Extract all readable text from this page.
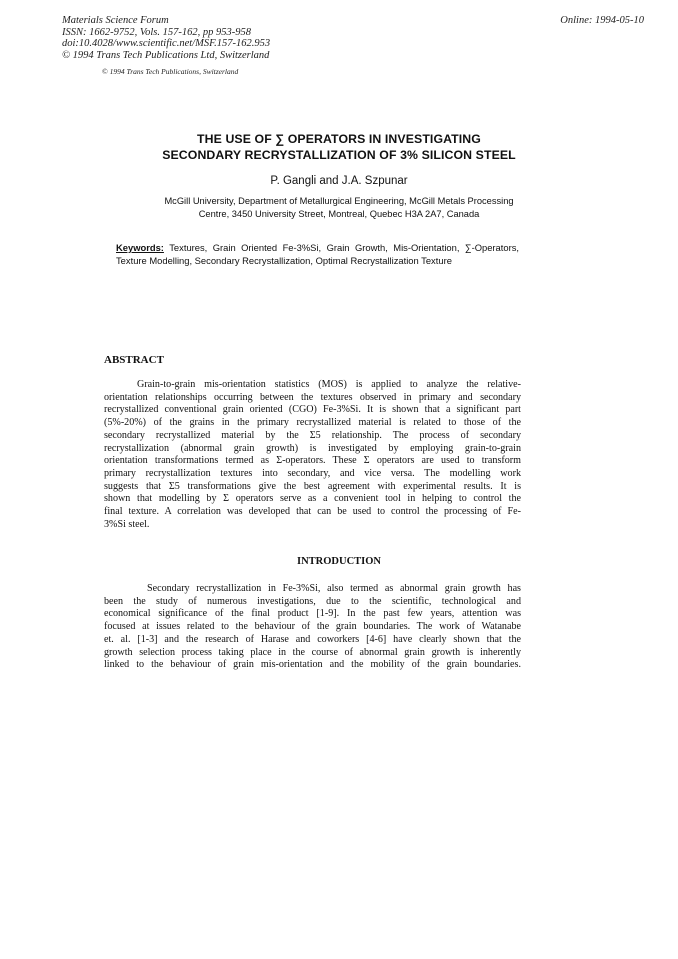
Materials Science Forum
ISSN: 1662-9752, Vols. 157-162, pp 953-958
doi:10.4028/www.scientific.net/MSF.157-162.953
© 1994 Trans Tech Publications Ltd, Switzerland
Online: 1994-05-10
© 1994 Trans Tech Publications, Switzerland
THE USE OF ∑ OPERATORS IN INVESTIGATING
SECONDARY RECRYSTALLIZATION OF 3% SILICON STEEL
P. Gangli and J.A. Szpunar
McGill University, Department of Metallurgical Engineering, McGill Metals Processing
Centre, 3450 University Street, Montreal, Quebec H3A 2A7, Canada
Keywords: Textures, Grain Oriented Fe-3%Si, Grain Growth, Mis-Orientation, ∑-Operators, Texture Modelling, Secondary Recrystallization, Optimal Recrystallization Texture
ABSTRACT
Grain-to-grain mis-orientation statistics (MOS) is applied to analyze the relative-
orientation relationships occurring between the textures observed in primary and secondary
recrystallized conventional grain oriented (CGO) Fe-3%Si. It is shown that a significant part
(5%-20%) of the grains in the primary recrystallized material is related to those of the
secondary recrystallized material by the Σ5 relationship. The process of secondary
recrystallization (abnormal grain growth) is investigated by employing grain-to-grain
orientation transformations termed as Σ-operators. These Σ operators are used to transform
primary recrystallization textures into secondary, and vice versa. The modelling work
suggests that Σ5 transformations give the best agreement with experimental results. It is
shown that modelling by Σ operators serve as a convenient tool in helping to control the
final texture. A correlation was developed that can be used to control the processing of Fe-
3%Si steel.
INTRODUCTION
Secondary recrystallization in Fe-3%Si, also termed as abnormal grain growth has
been the study of numerous investigations, due to the scientific, technological and
economical significance of the final product [1-9]. In the past few years, attention was
focused at issues related to the behaviour of the grain boundaries. The work of Watanabe
et. al. [1-3] and the research of Harase and coworkers [4-6] have clearly shown that the
growth selection process taking place in the course of abnormal grain growth is inherently
linked to the behaviour of grain mis-orientation and the mobility of the grain boundaries.
